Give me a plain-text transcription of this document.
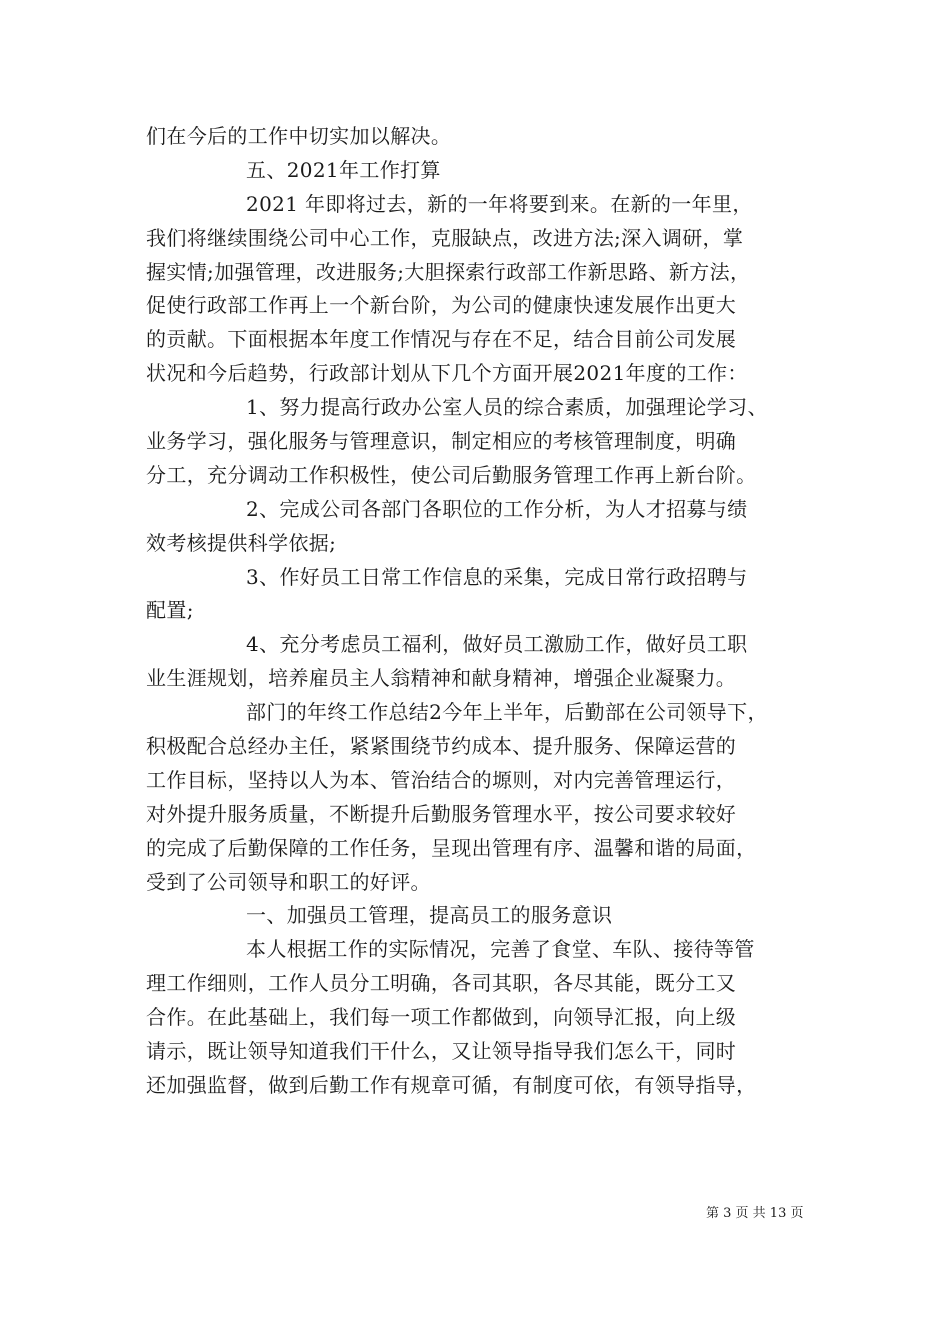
们在今后的工作中切实加以解决。
五、2021年工作打算
2021 年即将过去，新的一年将要到来。在新的一年里，
我们将继续围绕公司中心工作，克服缺点，改进方法;深入调研，掌
握实情;加强管理，改进服务;大胆探索行政部工作新思路、新方法，
促使行政部工作再上一个新台阶，为公司的健康快速发展作出更大
的贡献。下面根据本年度工作情况与存在不足，结合目前公司发展
状况和今后趋势，行政部计划从下几个方面开展2021年度的工作：
1、努力提高行政办公室人员的综合素质，加强理论学习、
业务学习，强化服务与管理意识，制定相应的考核管理制度，明确
分工，充分调动工作积极性，使公司后勤服务管理工作再上新台阶。
2、完成公司各部门各职位的工作分析，为人才招募与绩
效考核提供科学依据;
3、作好员工日常工作信息的采集，完成日常行政招聘与
配置;
4、充分考虑员工福利，做好员工激励工作，做好员工职
业生涯规划，培养雇员主人翁精神和献身精神，增强企业凝聚力。
部门的年终工作总结2今年上半年，后勤部在公司领导下，
积极配合总经办主任，紧紧围绕节约成本、提升服务、保障运营的
工作目标，坚持以人为本、管治结合的塬则，对内完善管理运行，
对外提升服务质量，不断提升后勤服务管理水平，按公司要求较好
的完成了后勤保障的工作任务，呈现出管理有序、温馨和谐的局面，
受到了公司领导和职工的好评。
一、加强员工管理，提高员工的服务意识
本人根据工作的实际情况，完善了食堂、车队、接待等管
理工作细则，工作人员分工明确，各司其职，各尽其能，既分工又
合作。在此基础上，我们每一项工作都做到，向领导汇报，向上级
请示，既让领导知道我们干什么，又让领导指导我们怎么干，同时
还加强监督，做到后勤工作有规章可循，有制度可依，有领导指导，
第 3 页 共 13 页
